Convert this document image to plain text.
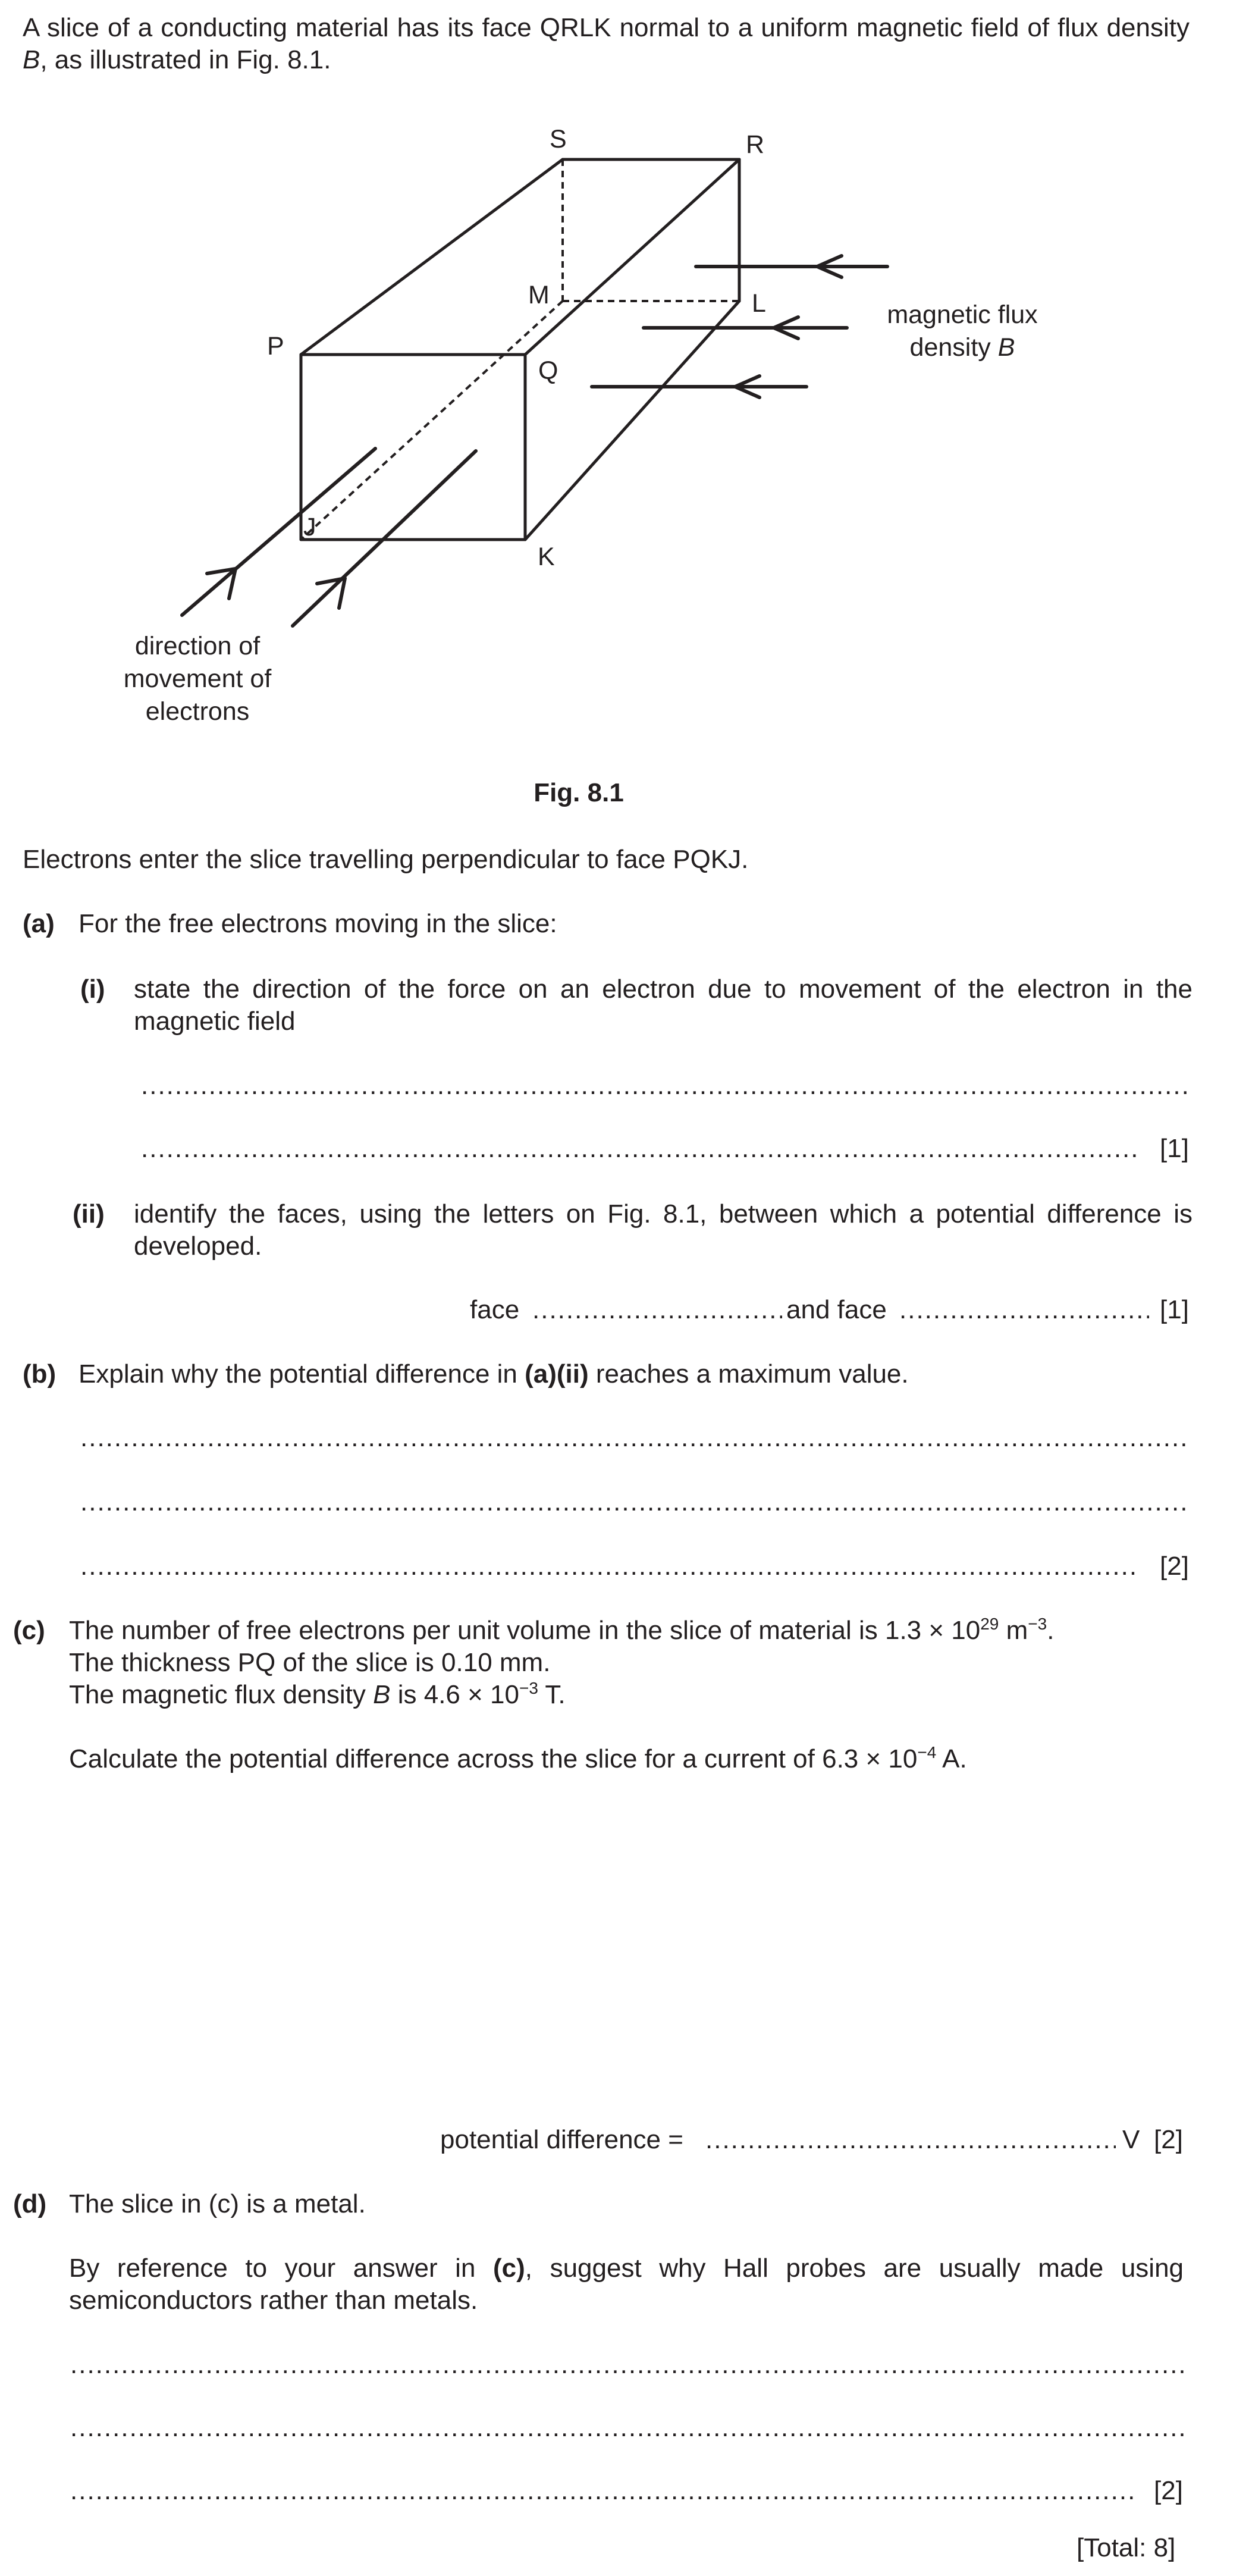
A slice of a conducting material has its face QRLK normal to a uniform magnetic field of flux density B, as illustrated in Fig. 8.1.
S	R
M	L
P
Q
J
K
magnetic flux
density B
direction of
movement of
electrons
Fig. 8.1
Electrons enter the slice travelling perpendicular to face PQKJ.
(a) For the free electrons moving in the slice:
(i) state the direction of the force on an electron due to movement of the electron in the magnetic field
.....
.....
[1]
(ii) identify the faces, using the letters on Fig. 8.1, between which a potential difference is developed.
face .....	and face .....	[1]
(b) Explain why the potential difference in (a)(ii) reaches a maximum value.
.....
.....
.....
[2]
(c) The number of free electrons per unit volume in the slice of material is $1.3 \times 10^{29}$ $m^{-3}$.
The thickness PQ of the slice is 0.10 mm.
The magnetic flux density B is $4.6 \times 10^{-3}$ T.
Calculate the potential difference across the slice for a current of $6.3 \times 10^{-4}$ A.
potential difference = .....	V [2]
(d) The slice in (c) is a metal.
By reference to your answer in (c), suggest why Hall probes are usually made using semiconductors rather than metals.
.....
.....
.....
[2]
[Total: 8]
